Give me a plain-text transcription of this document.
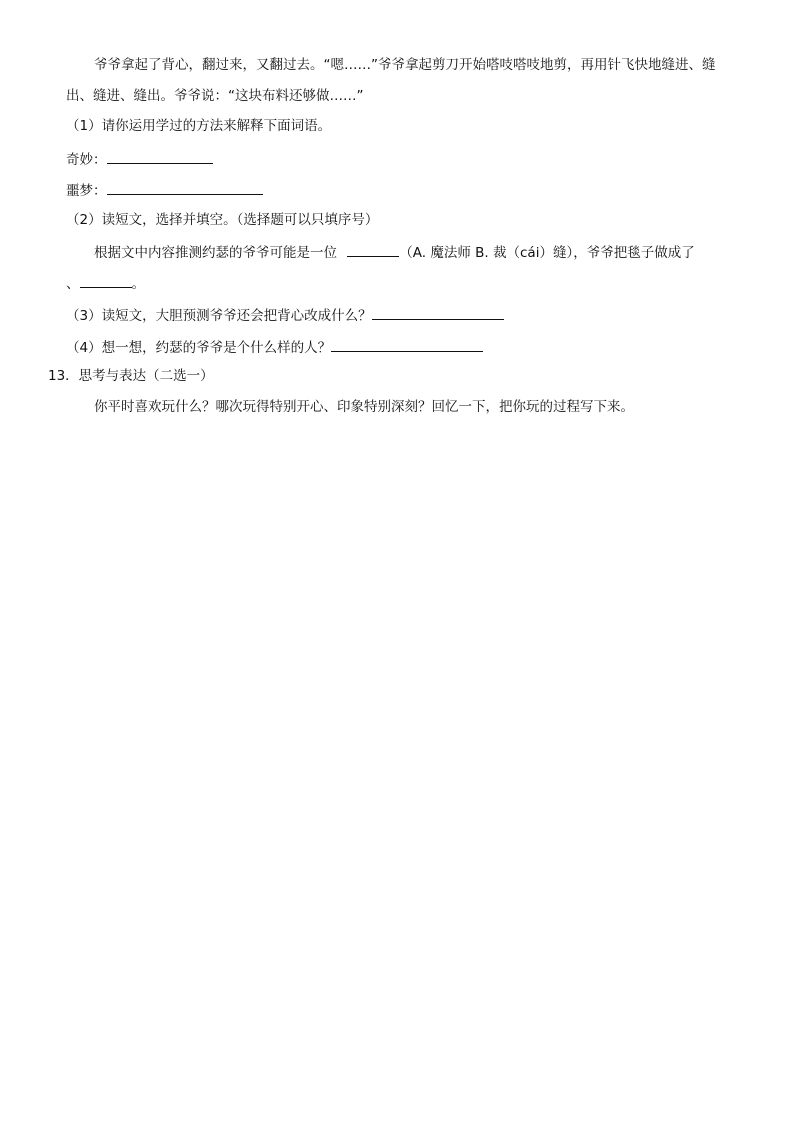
爷爷拿起了背心，翻过来，又翻过去。“嗯……”爷爷拿起剪刀开始嗒吱嗒吱地剪，再用针飞快地缝进、缝
出、缝进、缝出。爷爷说：“这块布料还够做……”
（1）请你运用学过的方法来解释下面词语。
奇妙：
噩梦：
（2）读短文，选择并填空。（选择题可以只填序号）
根据文中内容推测约瑟的爷爷可能是一位	（A. 魔法师 B. 裁（cái）缝），爷爷把毯子做成了
、	。
（3）读短文，大胆预测爷爷还会把背心改成什么？
（4）想一想，约瑟的爷爷是个什么样的人？
13．思考与表达（二选一）
你平时喜欢玩什么？哪次玩得特别开心、印象特别深刻？回忆一下，把你玩的过程写下来。
